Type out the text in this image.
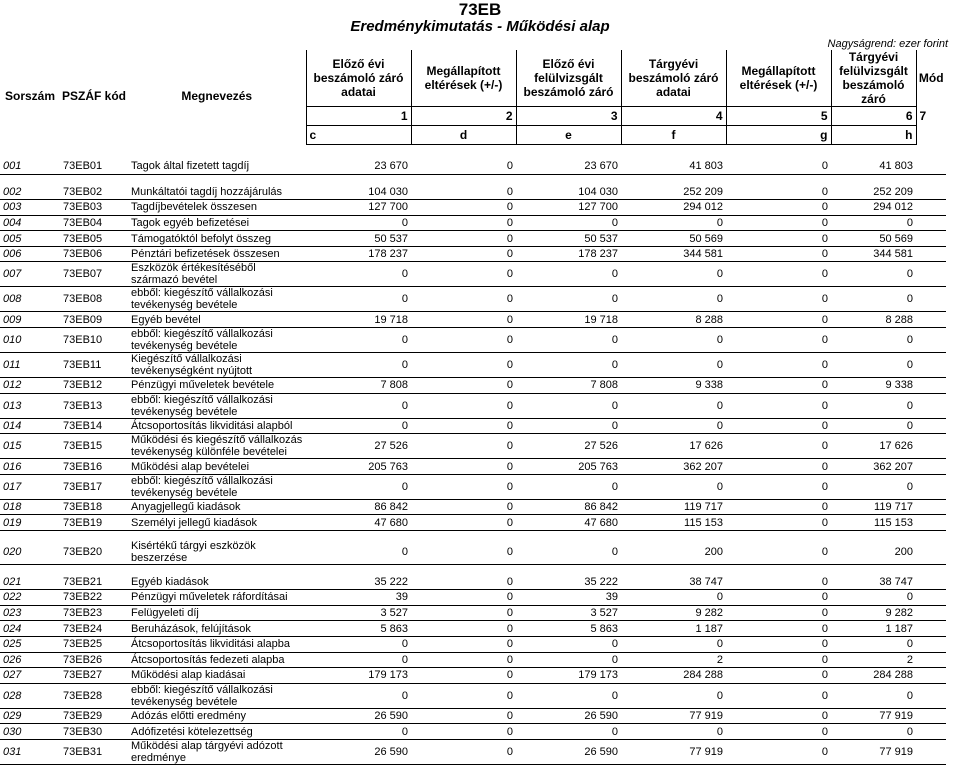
73EB
Eredménykimutatás - Működési alap
Nagyságrend: ezer forint
Sorszám	PSZÁF kód	Megnevezés	Előző évi beszámoló záró adatai	Megállapított eltérések (+/-)	Előző évi felülvizsgált beszámoló záró	Tárgyévi beszámoló záró adatai	Megállapított eltérések (+/-)	Tárgyévi felülvizsgált beszámoló záró	Mód

			1	2	3	4	5	6	7
			c	d	e	f	g	h	

001	73EB01	Tagok által fizetett tagdíj	23 670	0	23 670	41 803	0	41 803	

002	73EB02	Munkáltatói tagdíj hozzájárulás	104 030	0	104 030	252 209	0	252 209	
003	73EB03	Tagdíjbevételek összesen	127 700	0	127 700	294 012	0	294 012	
004	73EB04	Tagok egyéb befizetései	0	0	0	0	0	0	
005	73EB05	Támogatóktól befolyt összeg	50 537	0	50 537	50 569	0	50 569	
006	73EB06	Pénztári befizetések összesen	178 237	0	178 237	344 581	0	344 581	
007	73EB07	Eszközök értékesítéséből származó bevétel	0	0	0	0	0	0	
008	73EB08	ebből: kiegészítő vállalkozási tevékenység bevétele	0	0	0	0	0	0	
009	73EB09	Egyéb bevétel	19 718	0	19 718	8 288	0	8 288	
010	73EB10	ebből: kiegészítő vállalkozási tevékenység bevétele	0	0	0	0	0	0	
011	73EB11	Kiegészítő vállalkozási tevékenységként nyújtott	0	0	0	0	0	0	
012	73EB12	Pénzügyi műveletek bevétele	7 808	0	7 808	9 338	0	9 338	
013	73EB13	ebből: kiegészítő vállalkozási tevékenység bevétele	0	0	0	0	0	0	
014	73EB14	Átcsoportosítás likviditási alapból	0	0	0	0	0	0	
015	73EB15	Működési és kiegészítő vállalkozás tevékenység különféle bevételei	27 526	0	27 526	17 626	0	17 626	
016	73EB16	Működési alap bevételei	205 763	0	205 763	362 207	0	362 207	
017	73EB17	ebből: kiegészítő vállalkozási tevékenység bevétele	0	0	0	0	0	0	
018	73EB18	Anyagjellegű kiadások	86 842	0	86 842	119 717	0	119 717	
019	73EB19	Személyi jellegű kiadások	47 680	0	47 680	115 153	0	115 153	

020	73EB20	Kisértékű tárgyi eszközök beszerzése	0	0	0	200	0	200	

021	73EB21	Egyéb kiadások	35 222	0	35 222	38 747	0	38 747	
022	73EB22	Pénzügyi műveletek ráfordításai	39	0	39	0	0	0	
023	73EB23	Felügyeleti díj	3 527	0	3 527	9 282	0	9 282	
024	73EB24	Beruházások, felújítások	5 863	0	5 863	1 187	0	1 187	
025	73EB25	Átcsoportosítás likviditási alapba	0	0	0	0	0	0	
026	73EB26	Átcsoportosítás fedezeti alapba	0	0	0	2	0	2	
027	73EB27	Működési alap kiadásai	179 173	0	179 173	284 288	0	284 288	
028	73EB28	ebből: kiegészítő vállalkozási tevékenység bevétele	0	0	0	0	0	0	
029	73EB29	Adózás előtti eredmény	26 590	0	26 590	77 919	0	77 919	
030	73EB30	Adófizetési kötelezettség	0	0	0	0	0	0	
031	73EB31	Működési alap tárgyévi adózott eredménye	26 590	0	26 590	77 919	0	77 919	
